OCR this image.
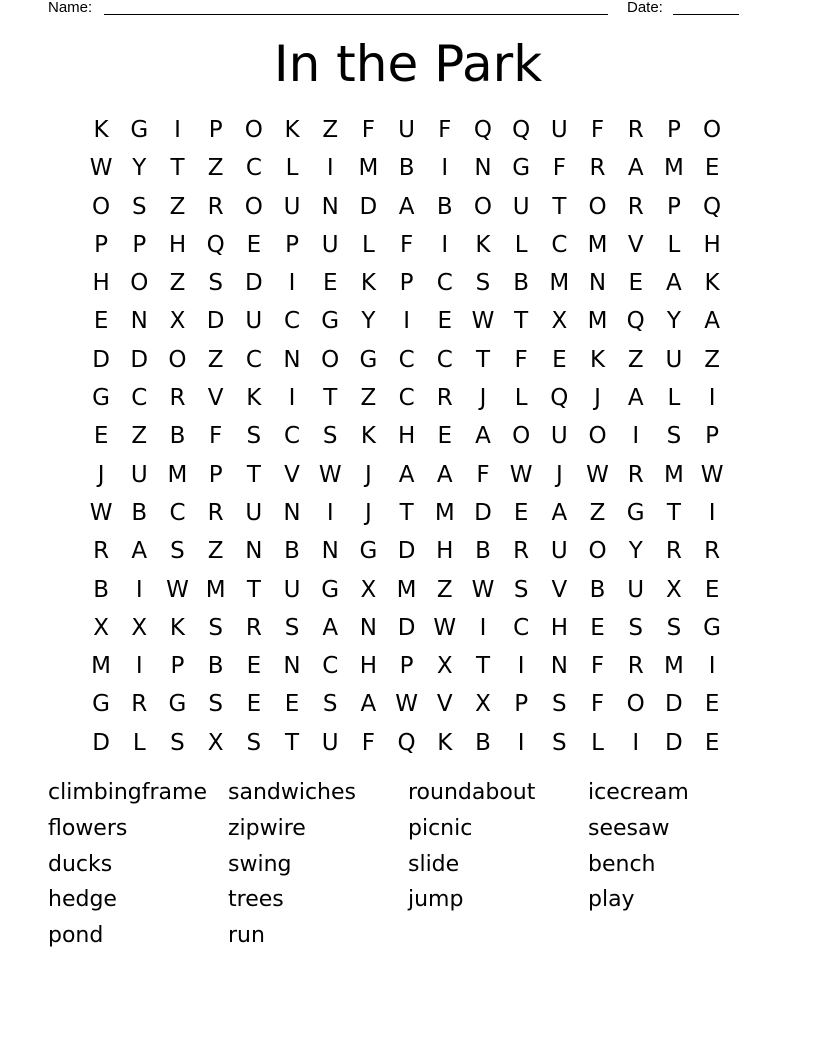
Name:	Date:
In the Park
K G	I	P O K Z	F	U	F Q Q U	F	R	P O
W Y	T	Z C	L	I	M B	I	N G F	R A M E
O S	Z R O U N D A B O U T O R	P Q
P	P H Q E	P U	L	F	I	K	L	C M V	L	H
H O Z	S D	I	E	K	P	C S	B M N E	A K
E N X D U C G Y	I	E W T	X M Q Y	A
D D O Z C N O G C C	T	F	E	K Z U Z
G C R V K	I	T	Z C R	J	L Q	J	A	L	I
E	Z B	F	S C S	K H E	A O U O	I	S	P
J	U M P	T	V W	J	A A	F W	J	W R M W
W B C R U N	I	J	T M D E	A Z G T	I
R A	S	Z N B N G D H B R U O Y	R R
B	I	W M T U G X M Z W S	V B U X	E
X X K	S R S	A N D W	I	C H E	S	S G
M	I	P	B	E N C H P	X	T	I	N F	R M	I
G R G S	E	E	S	A W V X	P	S	F O D E
D L	S	X	S	T U	F Q K B	I	S	L	I	D E
climbingframe sandwiches	roundabout	icecream
flowers	zipwire	picnic	seesaw
ducks	swing	slide	bench
hedge	trees	jump	play
pond	run
